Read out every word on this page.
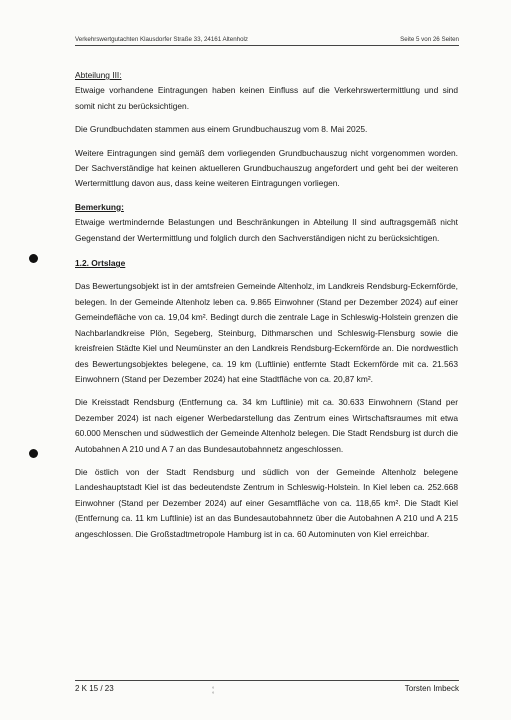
Verkehrswertgutachten Klausdorfer Straße 33, 24161 Altenholz	Seite 5 von 26 Seiten

Abteilung III:

Etwaige vorhandene Eintragungen haben keinen Einfluss auf die Verkehrswertermittlung und sind somit nicht zu berücksichtigen.

Die Grundbuchdaten stammen aus einem Grundbuchauszug vom 8. Mai 2025.

Weitere Eintragungen sind gemäß dem vorliegenden Grundbuchauszug nicht vorgenommen worden. Der Sachverständige hat keinen aktuelleren Grundbuchauszug angefordert und geht bei der weiteren Wertermittlung davon aus, dass keine weiteren Eintragungen vorliegen.

Bemerkung:

Etwaige wertmindernde Belastungen und Beschränkungen in Abteilung II sind auftragsgemäß nicht Gegenstand der Wertermittlung und folglich durch den Sachverständigen nicht zu berücksichtigen.

1.2. Ortslage

Das Bewertungsobjekt ist in der amtsfreien Gemeinde Altenholz, im Landkreis Rendsburg-Eckernförde, belegen. In der Gemeinde Altenholz leben ca. 9.865 Einwohner (Stand per Dezember 2024) auf einer Gemeindefläche von ca. 19,04 km². Bedingt durch die zentrale Lage in Schleswig-Holstein grenzen die Nachbarlandkreise Plön, Segeberg, Steinburg, Dithmarschen und Schleswig-Flensburg sowie die kreisfreien Städte Kiel und Neumünster an den Landkreis Rendsburg-Eckernförde an. Die nordwestlich des Bewertungsobjektes belegene, ca. 19 km (Luftlinie) entfernte Stadt Eckernförde mit ca. 21.563 Einwohnern (Stand per Dezember 2024) hat eine Stadtfläche von ca. 20,87 km².

Die Kreisstadt Rendsburg (Entfernung ca. 34 km Luftlinie) mit ca. 30.633 Einwohnern (Stand per Dezember 2024) ist nach eigener Werbedarstellung das Zentrum eines Wirtschaftsraumes mit etwa 60.000 Menschen und südwestlich der Gemeinde Altenholz belegen. Die Stadt Rendsburg ist durch die Autobahnen A 210 und A 7 an das Bundesautobahnnetz angeschlossen.

Die östlich von der Stadt Rendsburg und südlich von der Gemeinde Altenholz belegene Landeshauptstadt Kiel ist das bedeutendste Zentrum in Schleswig-Holstein. In Kiel leben ca. 252.668 Einwohner (Stand per Dezember 2024) auf einer Gesamtfläche von ca. 118,65 km². Die Stadt Kiel (Entfernung ca. 11 km Luftlinie) ist an das Bundesautobahnnetz über die Autobahnen A 210 und A 215 angeschlossen. Die Großstadtmetropole Hamburg ist in ca. 60 Autominuten von Kiel erreichbar.

2 K 15 / 23	Torsten Imbeck
°
°
